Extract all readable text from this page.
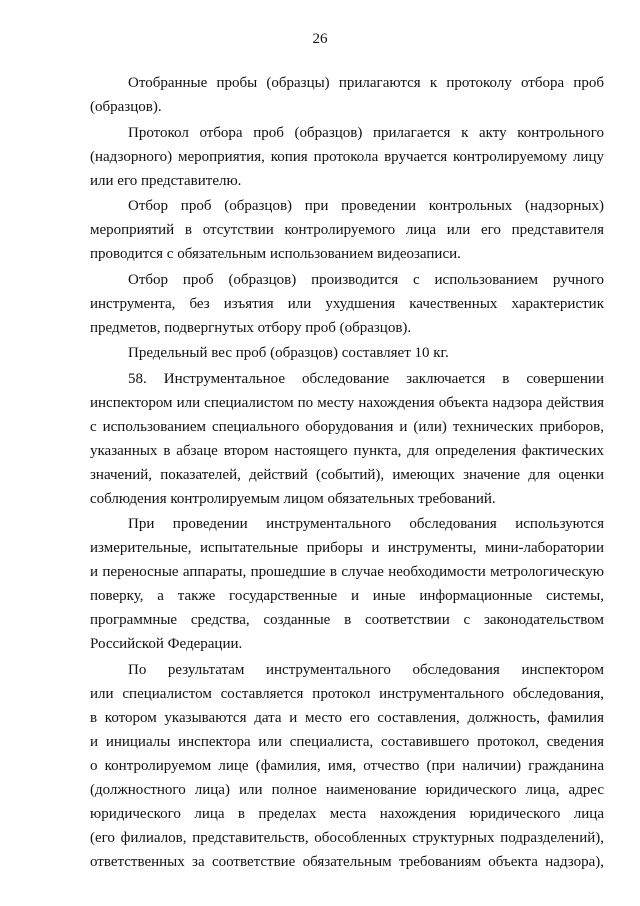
26
Отобранные пробы (образцы) прилагаются к протоколу отбора проб
(образцов).
Протокол отбора проб (образцов) прилагается к акту контрольного
(надзорного) мероприятия, копия протокола вручается контролируемому лицу
или его представителю.
Отбор проб (образцов) при проведении контрольных (надзорных)
мероприятий в отсутствии контролируемого лица или его представителя
проводится с обязательным использованием видеозаписи.
Отбор проб (образцов) производится с использованием ручного
инструмента, без изъятия или ухудшения качественных характеристик
предметов, подвергнутых отбору проб (образцов).
Предельный вес проб (образцов) составляет 10 кг.
58. Инструментальное обследование заключается в совершении
инспектором или специалистом по месту нахождения объекта надзора действия
с использованием специального оборудования и (или) технических приборов,
указанных в абзаце втором настоящего пункта, для определения фактических
значений, показателей, действий (событий), имеющих значение для оценки
соблюдения контролируемым лицом обязательных требований.
При проведении инструментального обследования используются
измерительные, испытательные приборы и инструменты, мини-лаборатории
и переносные аппараты, прошедшие в случае необходимости метрологическую
поверку, а также государственные и иные информационные системы,
программные средства, созданные в соответствии с законодательством
Российской Федерации.
По результатам инструментального обследования инспектором
или специалистом составляется протокол инструментального обследования,
в котором указываются дата и место его составления, должность, фамилия
и инициалы инспектора или специалиста, составившего протокол, сведения
о контролируемом лице (фамилия, имя, отчество (при наличии) гражданина
(должностного лица) или полное наименование юридического лица, адрес
юридического лица в пределах места нахождения юридического лица
(его филиалов, представительств, обособленных структурных подразделений),
ответственных за соответствие обязательным требованиям объекта надзора),
